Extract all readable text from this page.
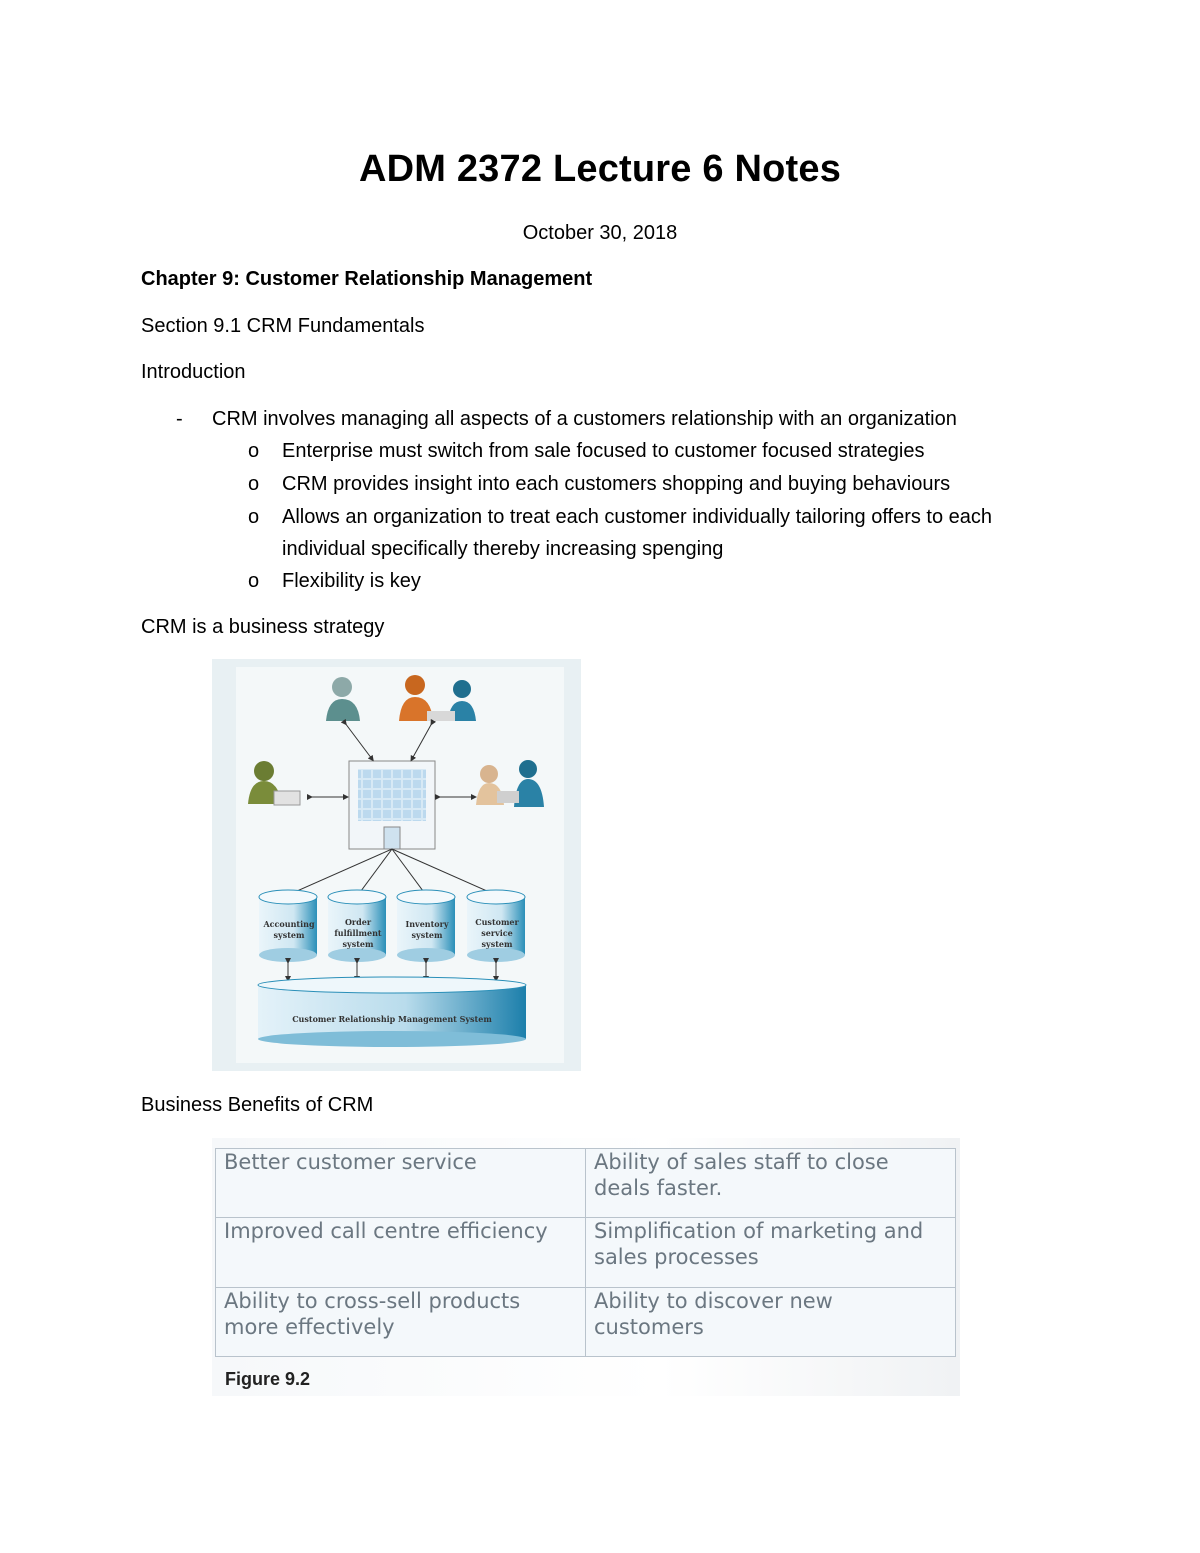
ADM 2372 Lecture 6 Notes
October 30, 2018
Chapter 9: Customer Relationship Management
Section 9.1 CRM Fundamentals
Introduction
- CRM involves managing all aspects of a customers relationship with an organization
o Enterprise must switch from sale focused to customer focused strategies
o CRM provides insight into each customers shopping and buying behaviours
o Allows an organization to treat each customer individually tailoring offers to each individual specifically thereby increasing spenging
o Flexibility is key
CRM is a business strategy
Accounting system
Order fulfillment system
Inventory system
Customer service system
Customer Relationship Management System
Business Benefits of CRM
Better customer service	Ability of sales staff to close deals faster.
Improved call centre efficiency	Simplification of marketing and sales processes
Ability to cross-sell products more effectively	Ability to discover new customers
Figure 9.2
